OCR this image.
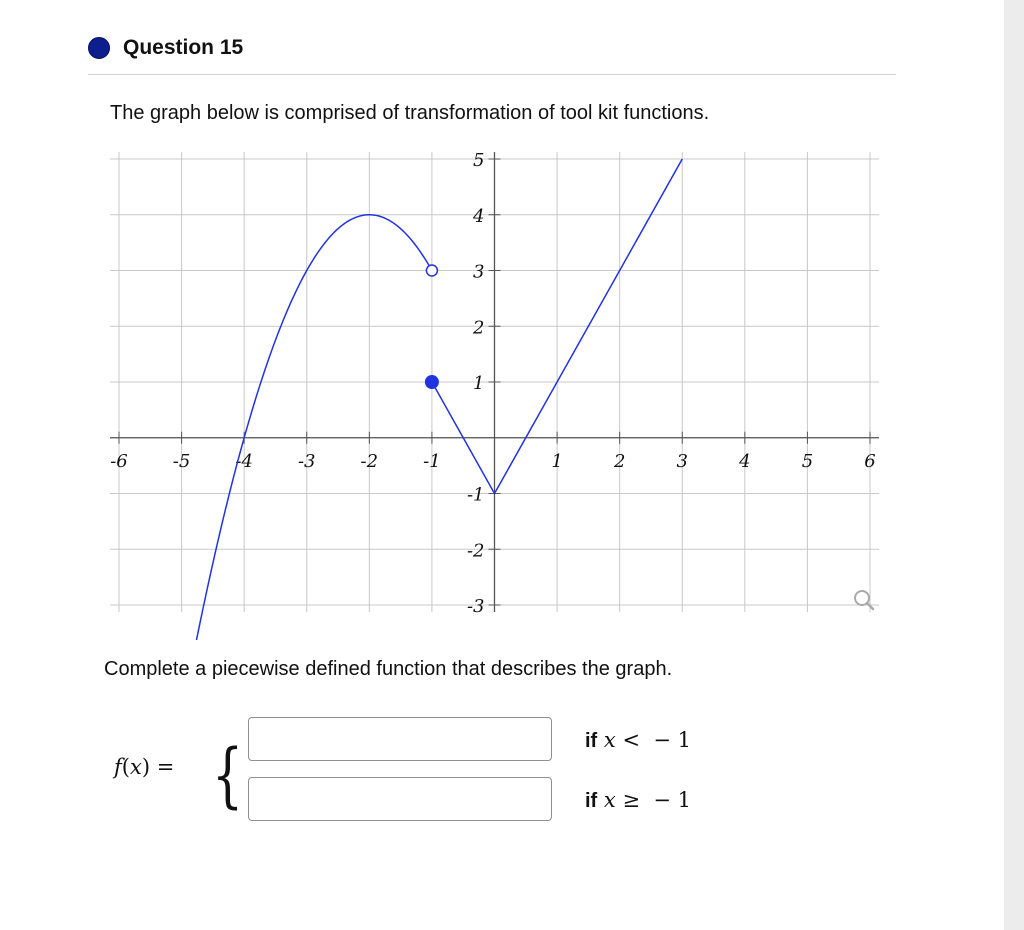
Question 15
The graph below is comprised of transformation of tool kit functions.
-6	-5	-4	-3	-2	-1	1	2	3	4	5	6
5
4
3
2
1
-1
-2
-3
Complete a piecewise defined function that describes the graph.
f(x) = {	if x < − 1
if x ≥ − 1
